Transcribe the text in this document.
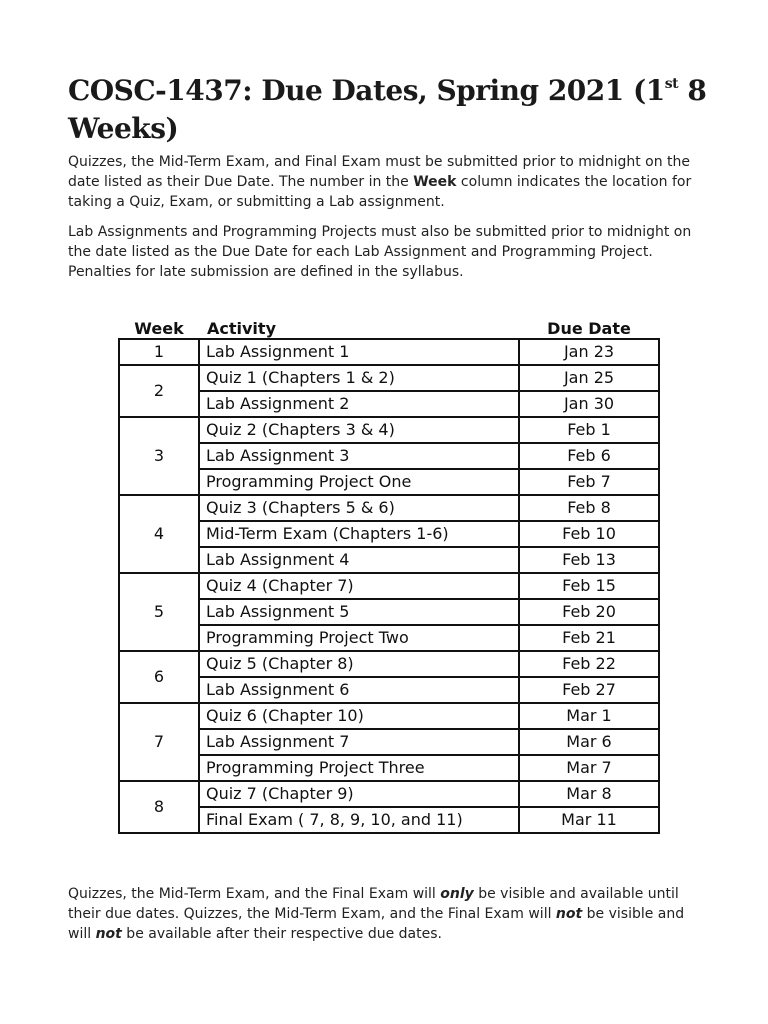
COSC-1437: Due Dates, Spring 2021 (1st 8 Weeks)

Quizzes, the Mid-Term Exam, and Final Exam must be submitted prior to midnight on the date listed as their Due Date. The number in the Week column indicates the location for taking a Quiz, Exam, or submitting a Lab assignment.

Lab Assignments and Programming Projects must also be submitted prior to midnight on the date listed as the Due Date for each Lab Assignment and Programming Project. Penalties for late submission are defined in the syllabus.

Week	Activity	Due Date
1	Lab Assignment 1	Jan 23
2	Quiz 1 (Chapters 1 & 2)	Jan 25
	Lab Assignment 2	Jan 30
3	Quiz 2 (Chapters 3 & 4)	Feb 1
	Lab Assignment 3	Feb 6
	Programming Project One	Feb 7
4	Quiz 3 (Chapters 5 & 6)	Feb 8
	Mid-Term Exam (Chapters 1-6)	Feb 10
	Lab Assignment 4	Feb 13
5	Quiz 4 (Chapter 7)	Feb 15
	Lab Assignment 5	Feb 20
	Programming Project Two	Feb 21
6	Quiz 5 (Chapter 8)	Feb 22
	Lab Assignment 6	Feb 27
7	Quiz 6 (Chapter 10)	Mar 1
	Lab Assignment 7	Mar 6
	Programming Project Three	Mar 7
8	Quiz 7 (Chapter 9)	Mar 8
	Final Exam ( 7, 8, 9, 10, and 11)	Mar 11

Quizzes, the Mid-Term Exam, and the Final Exam will only be visible and available until their due dates. Quizzes, the Mid-Term Exam, and the Final Exam will not be visible and will not be available after their respective due dates.
